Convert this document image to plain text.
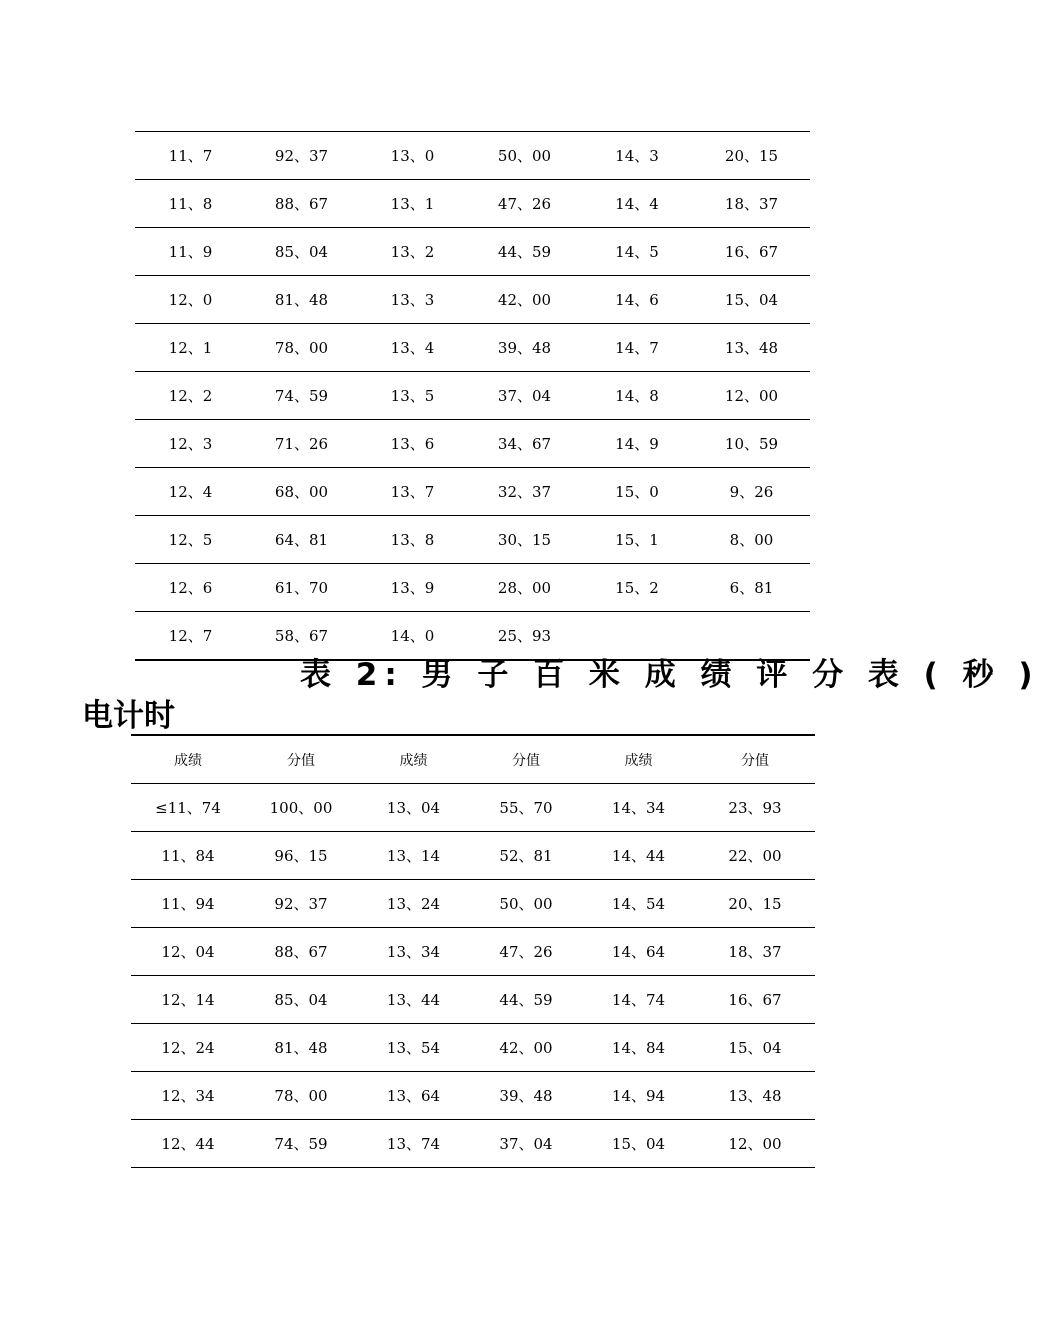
11、7	92、37	13、0	50、00	14、3	20、15
11、8	88、67	13、1	47、26	14、4	18、37
11、9	85、04	13、2	44、59	14、5	16、67
12、0	81、48	13、3	42、00	14、6	15、04
12、1	78、00	13、4	39、48	14、7	13、48
12、2	74、59	13、5	37、04	14、8	12、00
12、3	71、26	13、6	34、67	14、9	10、59
12、4	68、00	13、7	32、37	15、0	9、26
12、5	64、81	13、8	30、15	15、1	8、00
12、6	61、70	13、9	28、00	15、2	6、81
12、7	58、67	14、0	25、93		
表 2: 男 子 百 米 成 绩 评 分 表 ( 秒 )
电计时
成绩	分值	成绩	分值	成绩	分值
≤11、74	100、00	13、04	55、70	14、34	23、93
11、84	96、15	13、14	52、81	14、44	22、00
11、94	92、37	13、24	50、00	14、54	20、15
12、04	88、67	13、34	47、26	14、64	18、37
12、14	85、04	13、44	44、59	14、74	16、67
12、24	81、48	13、54	42、00	14、84	15、04
12、34	78、00	13、64	39、48	14、94	13、48
12、44	74、59	13、74	37、04	15、04	12、00
